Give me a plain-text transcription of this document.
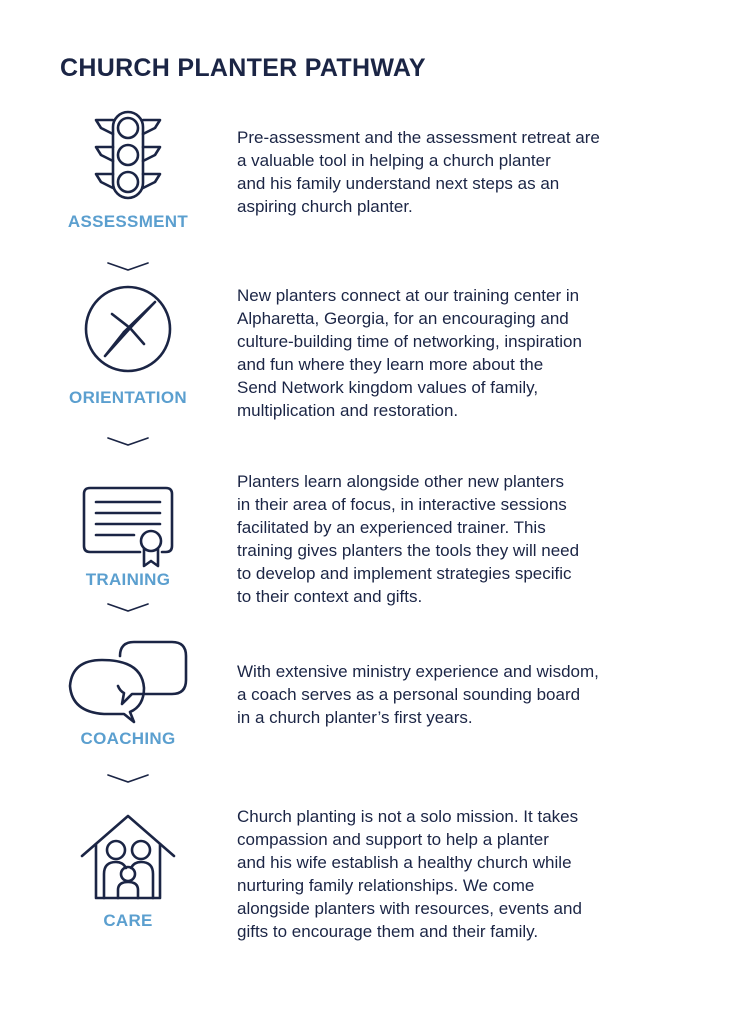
CHURCH PLANTER PATHWAY
ASSESSMENT
Pre-assessment and the assessment retreat are
a valuable tool in helping a church planter
and his family understand next steps as an
aspiring church planter.
ORIENTATION
New planters connect at our training center in
Alpharetta, Georgia, for an encouraging and
culture-building time of networking, inspiration
and fun where they learn more about the
Send Network kingdom values of family,
multiplication and restoration.
TRAINING
Planters learn alongside other new planters
in their area of focus, in interactive sessions
facilitated by an experienced trainer. This
training gives planters the tools they will need
to develop and implement strategies specific
to their context and gifts.
COACHING
With extensive ministry experience and wisdom,
a coach serves as a personal sounding board
in a church planter’s first years.
CARE
Church planting is not a solo mission. It takes
compassion and support to help a planter
and his wife establish a healthy church while
nurturing family relationships. We come
alongside planters with resources, events and
gifts to encourage them and their family.
